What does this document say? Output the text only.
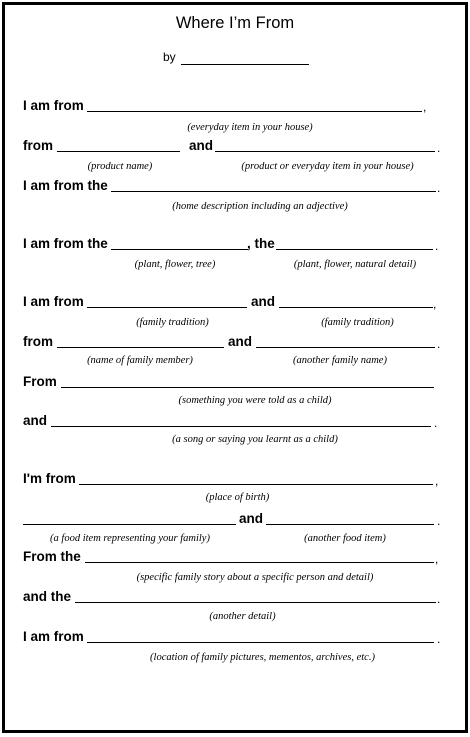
Where I’m From
by
I am from	,
(everyday item in your house)
from	and	.
(product name)	(product or everyday item in your house)
I am from the	.
(home description including an adjective)
I am from the	, the	.
(plant, flower, tree)	(plant, flower, natural detail)
I am from	and	,
(family tradition)	(family tradition)
from	and	.
(name of family member)	(another family name)
From
(something you were told as a child)
and	.
(a song or saying you learnt as a child)
I'm from	,
(place of birth)
and	.
(a food item representing your family)	(another food item)
From the	,
(specific family story about a specific person and detail)
and the	.
(another detail)
I am from	.
(location of family pictures, mementos, archives, etc.)
